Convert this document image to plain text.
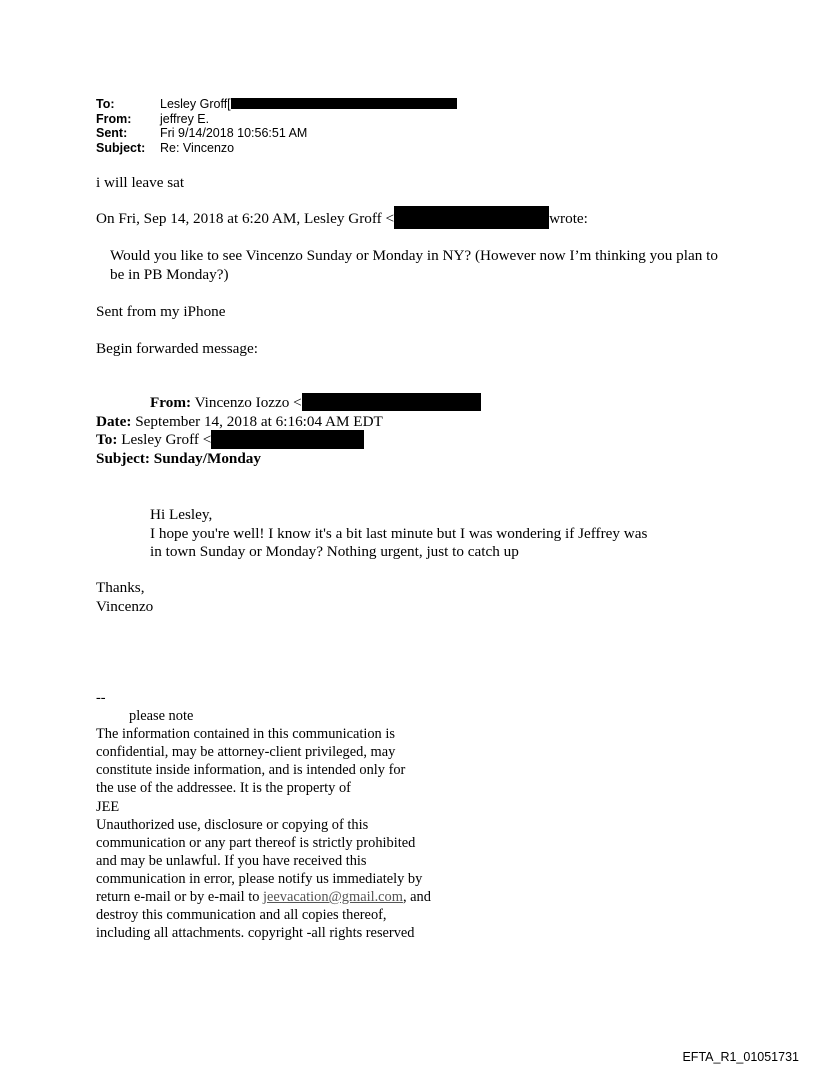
To:	Lesley Groff[
From:	jeffrey E.
Sent:	Fri 9/14/2018 10:56:51 AM
Subject:	Re: Vincenzo
i will leave sat
On Fri, Sep 14, 2018 at 6:20 AM, Lesley Groff <	wrote:
Would you like to see Vincenzo Sunday or Monday in NY? (However now I’m thinking you plan to be in PB Monday?)
Sent from my iPhone
Begin forwarded message:
From: Vincenzo Iozzo <
Date: September 14, 2018 at 6:16:04 AM EDT
To: Lesley Groff <
Subject: Sunday/Monday
Hi Lesley,
I hope you're well! I know it's a bit last minute but I was wondering if Jeffrey was
in town Sunday or Monday? Nothing urgent, just to catch up
Thanks,
Vincenzo
--
please note
The information contained in this communication is
confidential, may be attorney-client privileged, may
constitute inside information, and is intended only for
the use of the addressee. It is the property of
JEE
Unauthorized use, disclosure or copying of this
communication or any part thereof is strictly prohibited
and may be unlawful. If you have received this
communication in error, please notify us immediately by
return e-mail or by e-mail to jeevacation@gmail.com, and
destroy this communication and all copies thereof,
including all attachments. copyright -all rights reserved
EFTA_R1_01051731
